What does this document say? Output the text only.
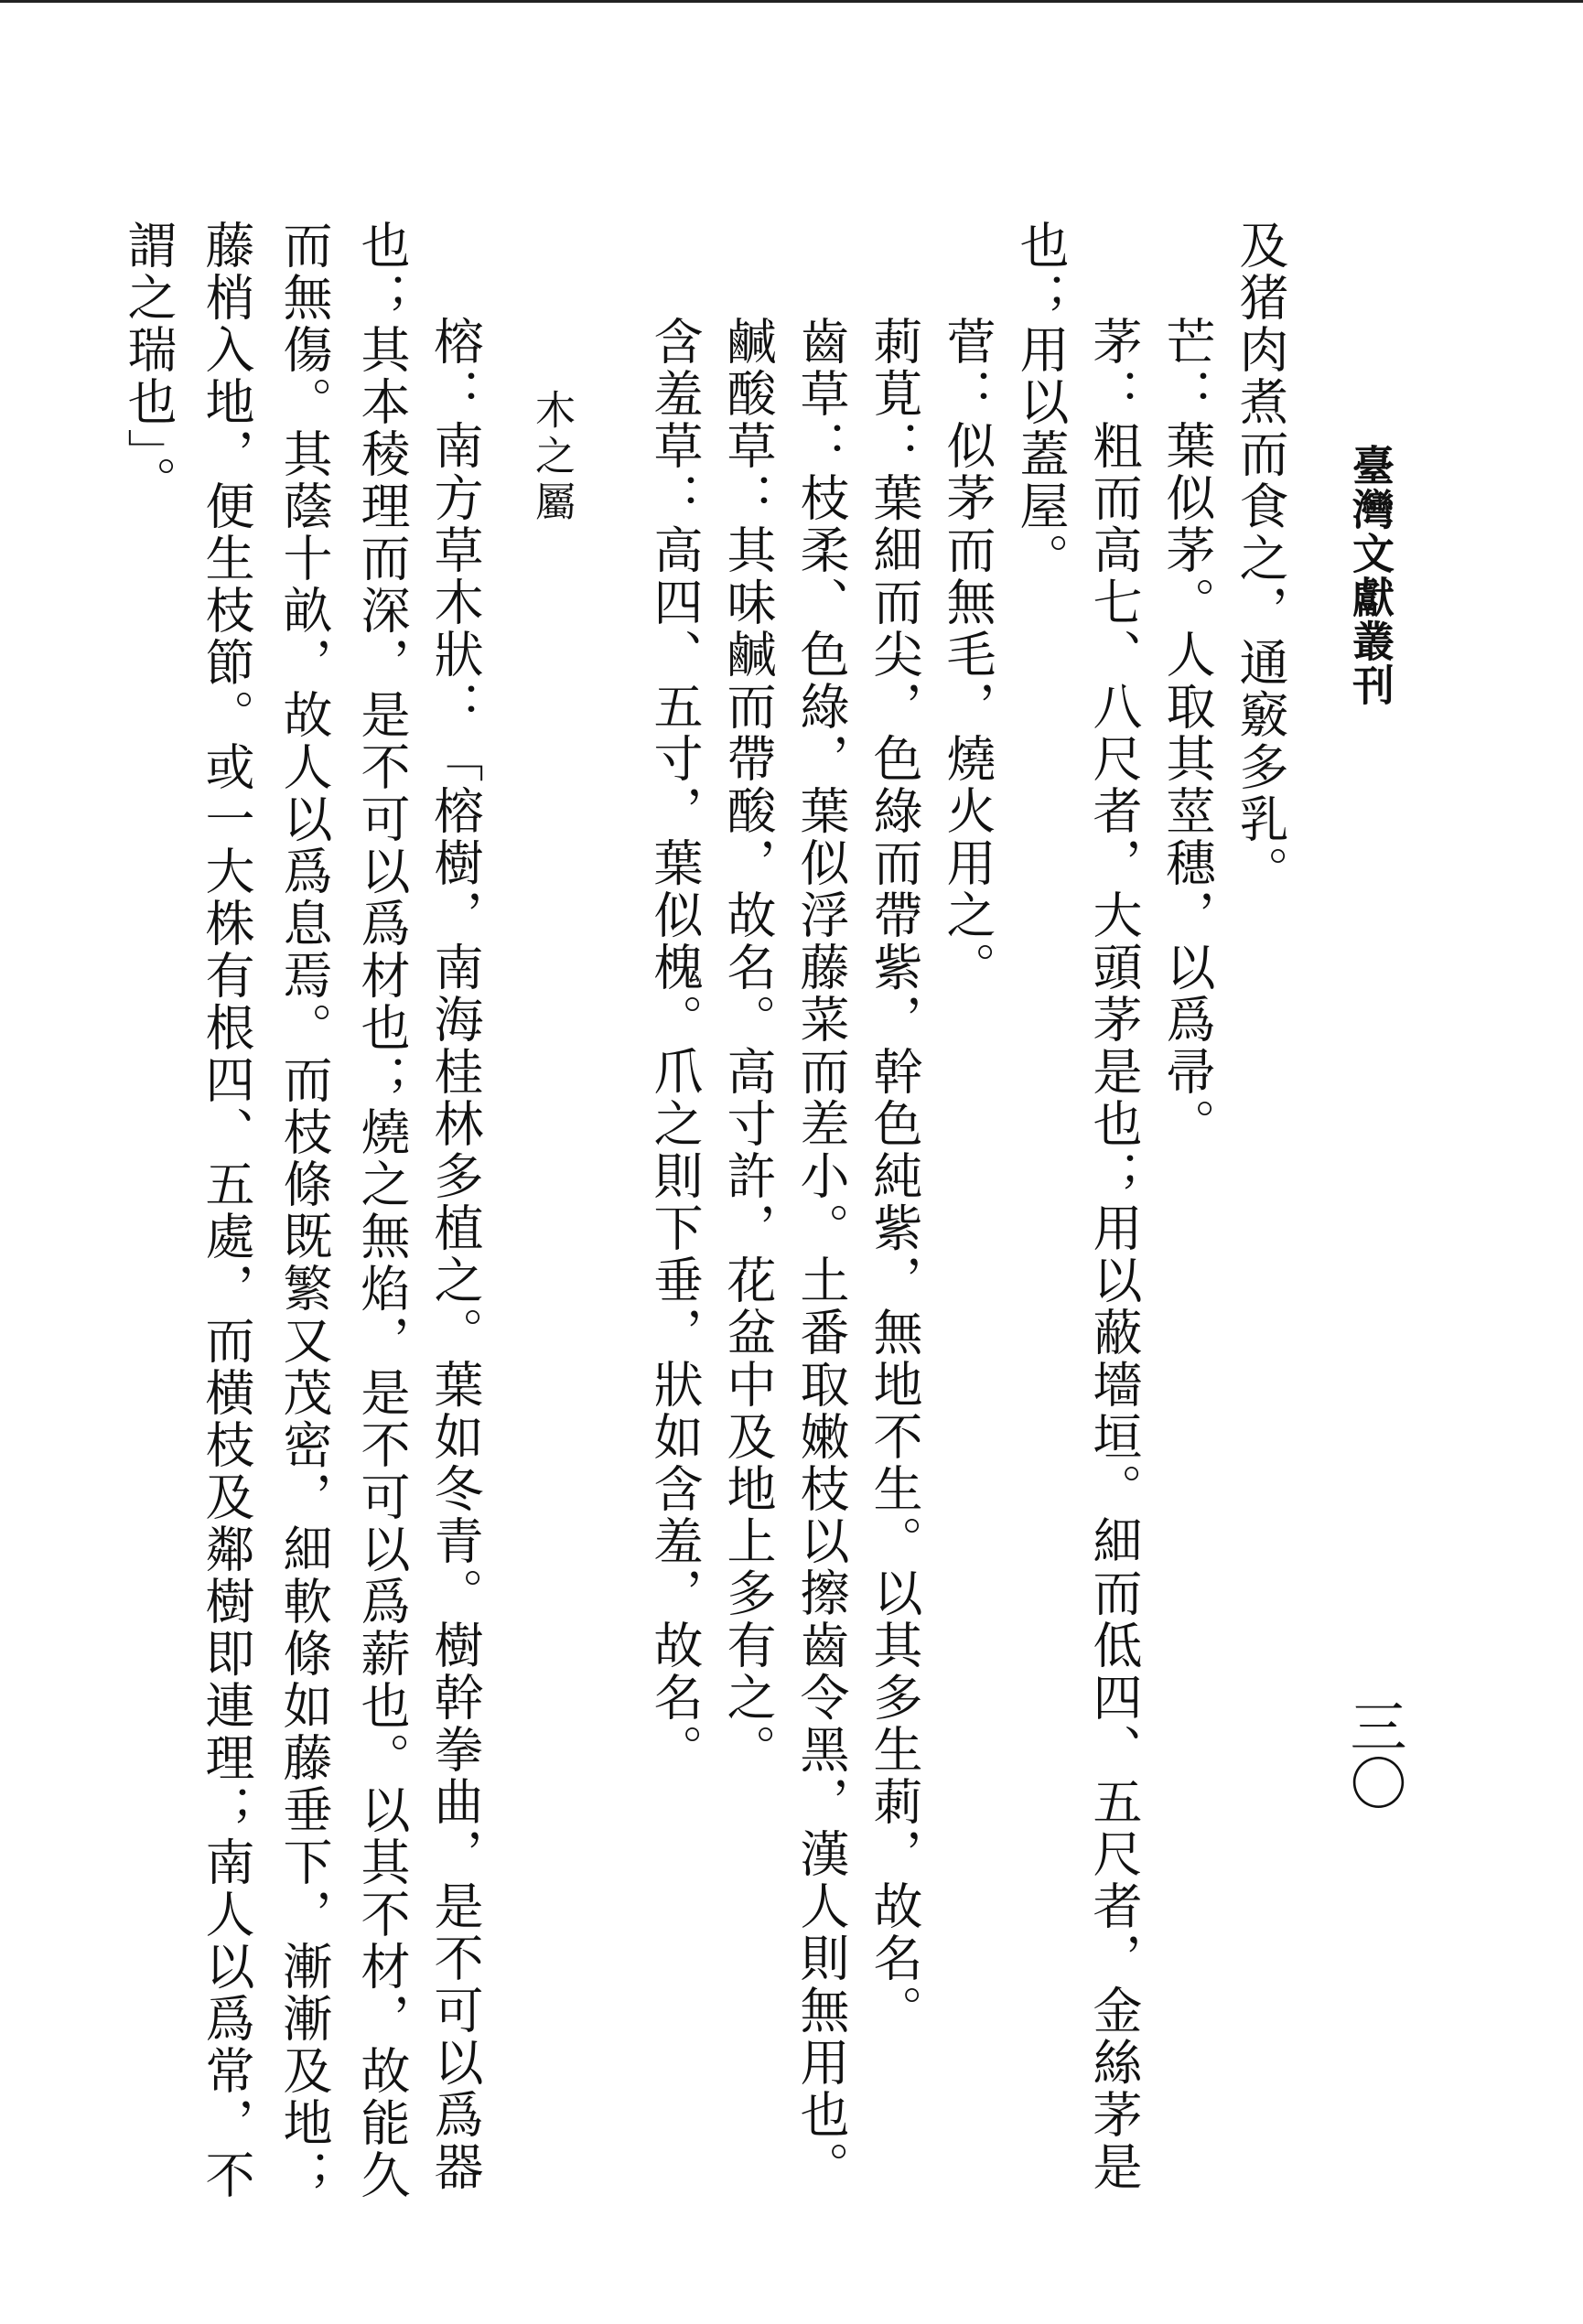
臺灣文獻叢刊
三〇
及猪肉煮而食之，通竅多乳。
芒：葉似茅。人取其莖穗，以爲帚。
茅：粗而高七、八尺者，大頭茅是也；用以蔽墻垣。細而低四、五尺者，金絲茅是
也；用以蓋屋。
菅：似茅而無毛，燒火用之。
莿莧：葉細而尖，色綠而帶紫，幹色純紫，無地不生。以其多生莿，故名。
齒草：枝柔、色綠，葉似浮藤菜而差小。土番取嫩枝以擦齒令黑，漢人則無用也。
鹹酸草：其味鹹而帶酸，故名。高寸許，花盆中及地上多有之。
含羞草：高四、五寸，葉似槐。爪之則下垂，狀如含羞，故名。
木之屬
榕：南方草木狀：「榕樹，南海桂林多植之。葉如冬青。樹幹拳曲，是不可以爲器
也；其本稜理而深，是不可以爲材也；燒之無焰，是不可以爲薪也。以其不材，故能久
而無傷。其蔭十畝，故人以爲息焉。而枝條既繁又茂密，細軟條如藤垂下，漸漸及地；
藤梢入地，便生枝節。或一大株有根四、五處，而横枝及鄰樹即連理；南人以爲常，不
謂之瑞也」。
